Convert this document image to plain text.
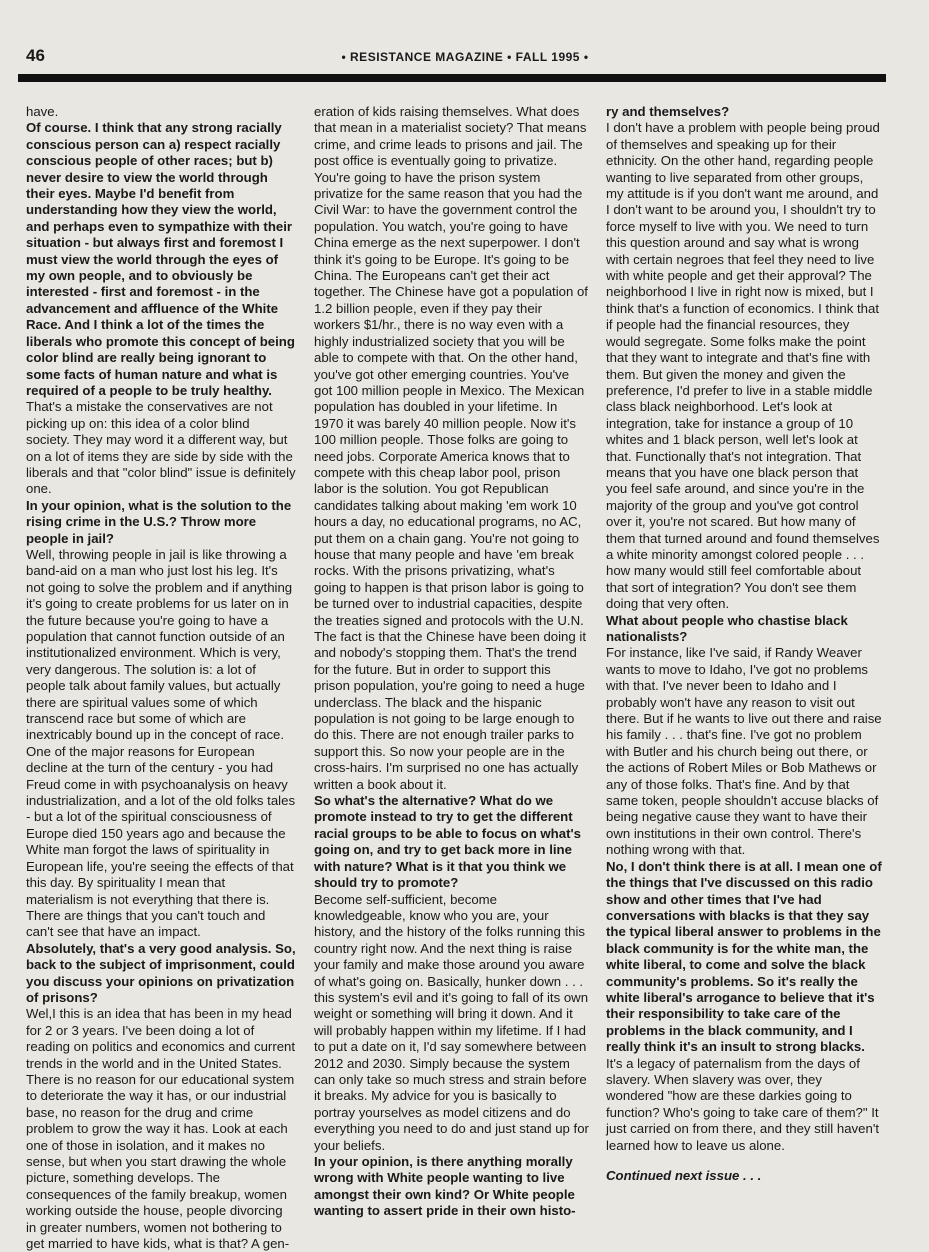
46	• RESISTANCE MAGAZINE • FALL 1995 •

have.

Of course. I think that any strong racially conscious person can a) respect racially conscious people of other races; but b) never desire to view the world through their eyes. Maybe I'd benefit from understanding how they view the world, and perhaps even to sympathize with their situation - but always first and foremost I must view the world through the eyes of my own people, and to obviously be interested - first and foremost - in the advancement and affluence of the White Race. And I think a lot of the times the liberals who promote this concept of being color blind are really being ignorant to some facts of human nature and what is required of a people to be truly healthy.

That's a mistake the conservatives are not picking up on: this idea of a color blind society. They may word it a different way, but on a lot of items they are side by side with the liberals and that "color blind" issue is definitely one.

In your opinion, what is the solution to the rising crime in the U.S.? Throw more people in jail?

Well, throwing people in jail is like throwing a band-aid on a man who just lost his leg. It's not going to solve the problem and if anything it's going to create problems for us later on in the future because you're going to have a population that cannot function outside of an institutionalized environment. Which is very, very dangerous. The solution is: a lot of people talk about family values, but actually there are spiritual values some of which transcend race but some of which are inextricably bound up in the concept of race. One of the major reasons for European decline at the turn of the century - you had Freud come in with psychoanalysis on heavy industrialization, and a lot of the old folks tales - but a lot of the spiritual consciousness of Europe died 150 years ago and because the White man forgot the laws of spirituality in European life, you're seeing the effects of that this day. By spirituality I mean that materialism is not everything that there is. There are things that you can't touch and can't see that have an impact.

Absolutely, that's a very good analysis. So, back to the subject of imprisonment, could you discuss your opinions on privatization of prisons?

Wel,I this is an idea that has been in my head for 2 or 3 years. I've been doing a lot of reading on politics and economics and current trends in the world and in the United States. There is no reason for our educational system to deteriorate the way it has, or our industrial base, no reason for the drug and crime problem to grow the way it has. Look at each one of those in isolation, and it makes no sense, but when you start drawing the whole picture, something develops. The consequences of the family breakup, women working outside the house, people divorcing in greater numbers, women not bothering to get married to have kids, what is that? A gen-

eration of kids raising themselves. What does that mean in a materialist society? That means crime, and crime leads to prisons and jail. The post office is eventually going to privatize. You're going to have the prison system privatize for the same reason that you had the Civil War: to have the government control the population. You watch, you're going to have China emerge as the next superpower. I don't think it's going to be Europe. It's going to be China. The Europeans can't get their act together. The Chinese have got a population of 1.2 billion people, even if they pay their workers $1/hr., there is no way even with a highly industrialized society that you will be able to compete with that. On the other hand, you've got other emerging countries. You've got 100 million people in Mexico. The Mexican population has doubled in your lifetime. In 1970 it was barely 40 million people. Now it's 100 million people. Those folks are going to need jobs. Corporate America knows that to compete with this cheap labor pool, prison labor is the solution. You got Republican candidates talking about making 'em work 10 hours a day, no educational programs, no AC, put them on a chain gang. You're not going to house that many people and have 'em break rocks. With the prisons privatizing, what's going to happen is that prison labor is going to be turned over to industrial capacities, despite the treaties signed and protocols with the U.N. The fact is that the Chinese have been doing it and nobody's stopping them. That's the trend for the future. But in order to support this prison population, you're going to need a huge underclass. The black and the hispanic population is not going to be large enough to do this. There are not enough trailer parks to support this. So now your people are in the cross-hairs. I'm surprised no one has actually written a book about it.

So what's the alternative? What do we promote instead to try to get the different racial groups to be able to focus on what's going on, and try to get back more in line with nature? What is it that you think we should try to promote?

Become self-sufficient, become knowledgeable, know who you are, your history, and the history of the folks running this country right now. And the next thing is raise your family and make those around you aware of what's going on. Basically, hunker down . . . this system's evil and it's going to fall of its own weight or something will bring it down. And it will probably happen within my lifetime. If I had to put a date on it, I'd say somewhere between 2012 and 2030. Simply because the system can only take so much stress and strain before it breaks. My advice for you is basically to portray yourselves as model citizens and do everything you need to do and just stand up for your beliefs.

In your opinion, is there anything morally wrong with White people wanting to live amongst their own kind? Or White people wanting to assert pride in their own histo-

ry and themselves?

I don't have a problem with people being proud of themselves and speaking up for their ethnicity. On the other hand, regarding people wanting to live separated from other groups, my attitude is if you don't want me around, and I don't want to be around you, I shouldn't try to force myself to live with you. We need to turn this question around and say what is wrong with certain negroes that feel they need to live with white people and get their approval? The neighborhood I live in right now is mixed, but I think that's a function of economics. I think that if people had the financial resources, they would segregate. Some folks make the point that they want to integrate and that's fine with them. But given the money and given the preference, I'd prefer to live in a stable middle class black neighborhood. Let's look at integration, take for instance a group of 10 whites and 1 black person, well let's look at that. Functionally that's not integration. That means that you have one black person that you feel safe around, and since you're in the majority of the group and you've got control over it, you're not scared. But how many of them that turned around and found themselves a white minority amongst colored people . . . how many would still feel comfortable about that sort of integration? You don't see them doing that very often.

What about people who chastise black nationalists?

For instance, like I've said, if Randy Weaver wants to move to Idaho, I've got no problems with that. I've never been to Idaho and I probably won't have any reason to visit out there. But if he wants to live out there and raise his family . . . that's fine. I've got no problem with Butler and his church being out there, or the actions of Robert Miles or Bob Mathews or any of those folks. That's fine. And by that same token, people shouldn't accuse blacks of being negative cause they want to have their own institutions in their own control. There's nothing wrong with that.

No, I don't think there is at all. I mean one of the things that I've discussed on this radio show and other times that I've had conversations with blacks is that they say the typical liberal answer to problems in the black community is for the white man, the white liberal, to come and solve the black community's problems. So it's really the white liberal's arrogance to believe that it's their responsibility to take care of the problems in the black community, and I really think it's an insult to strong blacks.

It's a legacy of paternalism from the days of slavery. When slavery was over, they wondered "how are these darkies going to function? Who's going to take care of them?" It just carried on from there, and they still haven't learned how to leave us alone.

Continued next issue . . .
